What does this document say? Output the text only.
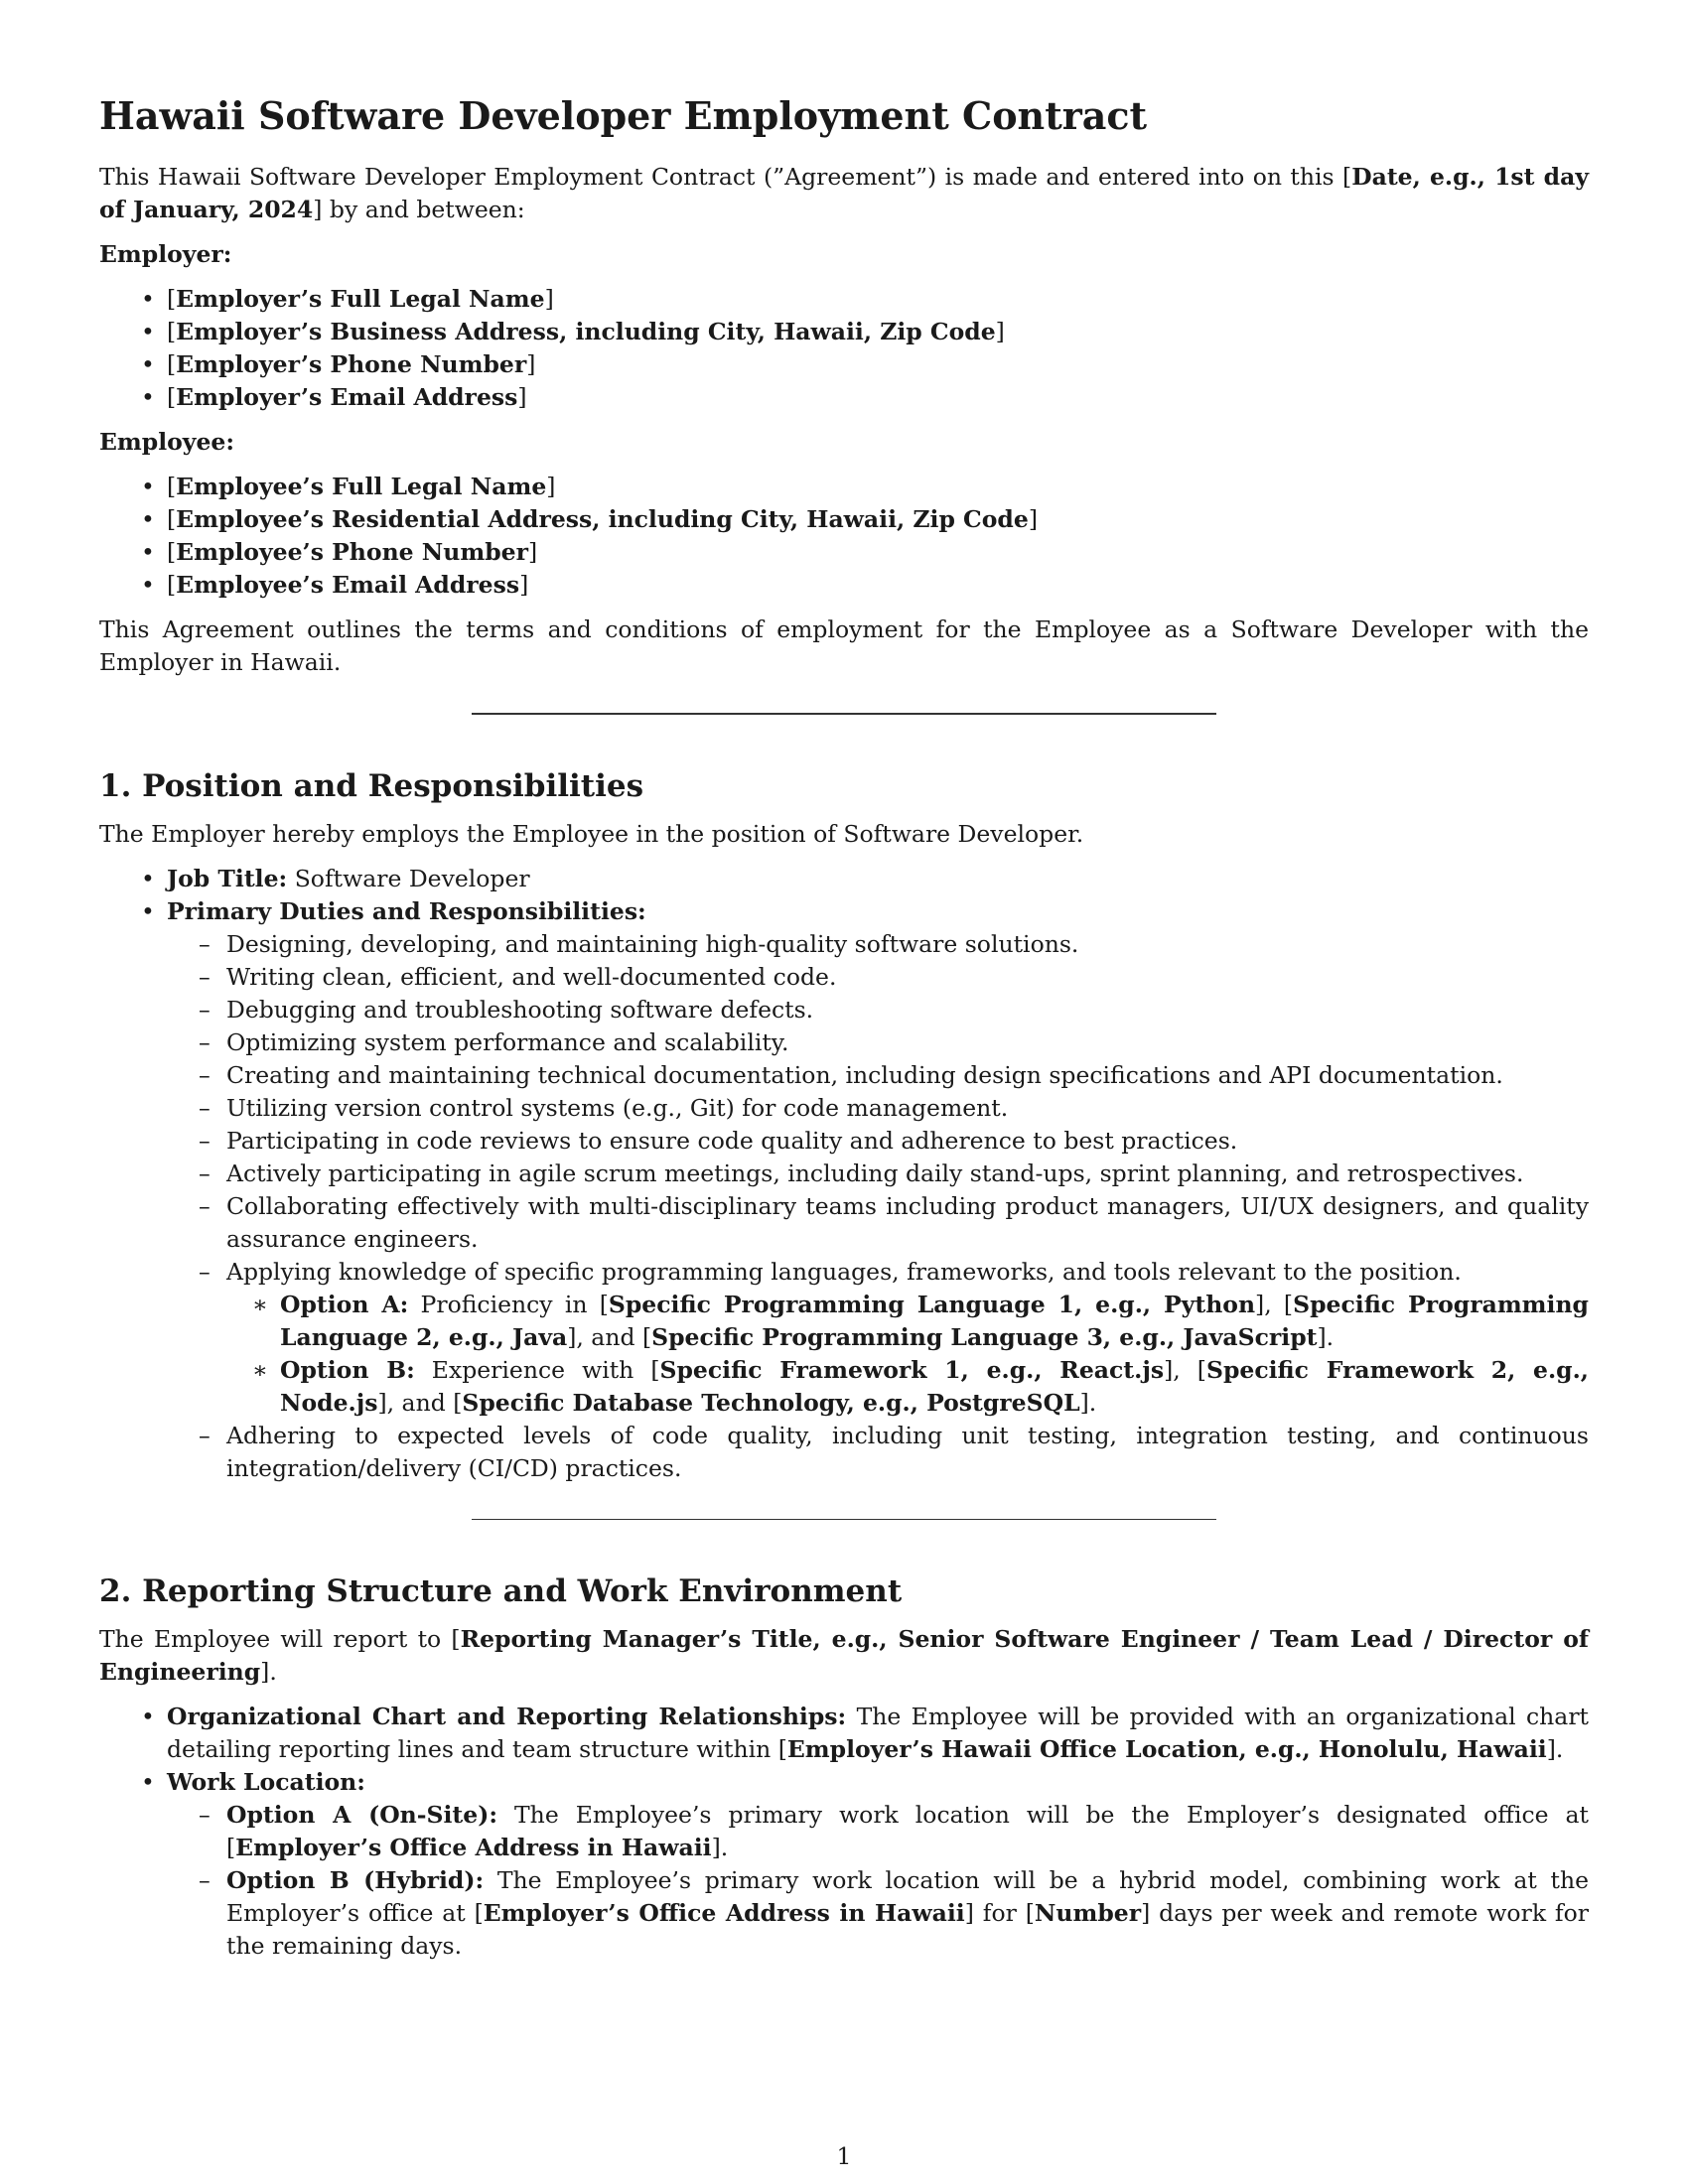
Hawaii Software Developer Employment Contract

This Hawaii Software Developer Employment Contract (”Agreement”) is made and entered into on this [Date, e.g., 1st day of January, 2024] by and between:

Employer:

• [Employer’s Full Legal Name]
• [Employer’s Business Address, including City, Hawaii, Zip Code]
• [Employer’s Phone Number]
• [Employer’s Email Address]

Employee:

• [Employee’s Full Legal Name]
• [Employee’s Residential Address, including City, Hawaii, Zip Code]
• [Employee’s Phone Number]
• [Employee’s Email Address]

This Agreement outlines the terms and conditions of employment for the Employee as a Software Developer with the Employer in Hawaii.

1. Position and Responsibilities

The Employer hereby employs the Employee in the position of Software Developer.

• Job Title: Software Developer
• Primary Duties and Responsibilities:
– Designing, developing, and maintaining high-quality software solutions.
– Writing clean, efficient, and well-documented code.
– Debugging and troubleshooting software defects.
– Optimizing system performance and scalability.
– Creating and maintaining technical documentation, including design specifications and API documentation.
– Utilizing version control systems (e.g., Git) for code management.
– Participating in code reviews to ensure code quality and adherence to best practices.
– Actively participating in agile scrum meetings, including daily stand-ups, sprint planning, and retrospectives.
– Collaborating effectively with multi-disciplinary teams including product managers, UI/UX designers, and quality assurance engineers.
– Applying knowledge of specific programming languages, frameworks, and tools relevant to the position.
∗ Option A: Proficiency in [Specific Programming Language 1, e.g., Python], [Specific Programming Language 2, e.g., Java], and [Specific Programming Language 3, e.g., JavaScript].
∗ Option B: Experience with [Specific Framework 1, e.g., React.js], [Specific Framework 2, e.g., Node.js], and [Specific Database Technology, e.g., PostgreSQL].
– Adhering to expected levels of code quality, including unit testing, integration testing, and continuous integration/delivery (CI/CD) practices.
2. Reporting Structure and Work Environment

The Employee will report to [Reporting Manager’s Title, e.g., Senior Software Engineer / Team Lead / Director of Engineering].

• Organizational Chart and Reporting Relationships: The Employee will be provided with an organizational chart detailing reporting lines and team structure within [Employer’s Hawaii Office Location, e.g., Honolulu, Hawaii].
• Work Location:
– Option A (On-Site): The Employee’s primary work location will be the Employer’s designated office at [Employer’s Office Address in Hawaii].
– Option B (Hybrid): The Employee’s primary work location will be a hybrid model, combining work at the Employer’s office at [Employer’s Office Address in Hawaii] for [Number] days per week and remote work for the remaining days.
1
